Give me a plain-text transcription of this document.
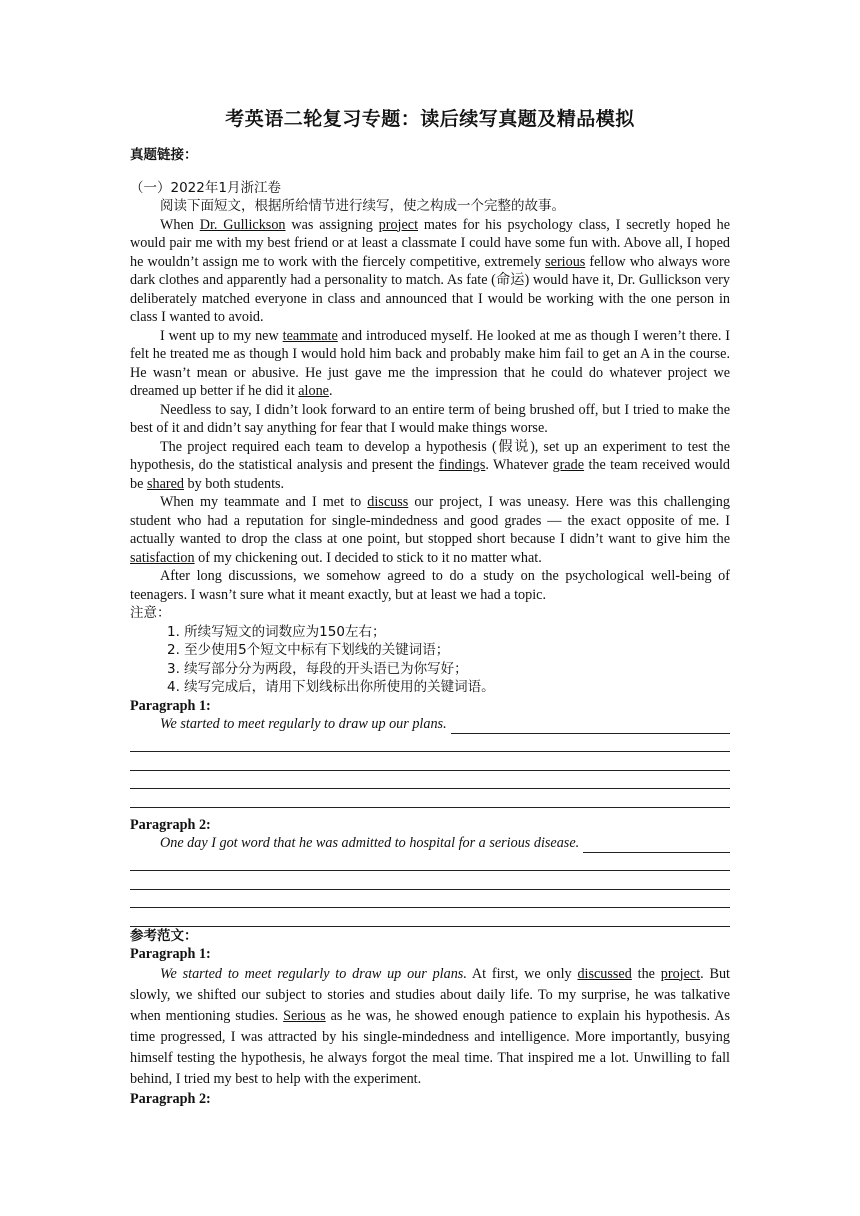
考英语二轮复习专题：读后续写真题及精品模拟

真题链接：

（一）2022年1月浙江卷

阅读下面短文，根据所给情节进行续写，使之构成一个完整的故事。

When Dr. Gullickson was assigning project mates for his psychology class, I secretly hoped he would pair me with my best friend or at least a classmate I could have some fun with. Above all, I hoped he wouldn’t assign me to work with the fiercely competitive, extremely serious fellow who always wore dark clothes and apparently had a personality to match. As fate (命运) would have it, Dr. Gullickson very deliberately matched everyone in class and announced that I would be working with the one person in class I wanted to avoid.

I went up to my new teammate and introduced myself. He looked at me as though I weren’t there. I felt he treated me as though I would hold him back and probably make him fail to get an A in the course. He wasn’t mean or abusive. He just gave me the impression that he could do whatever project we dreamed up better if he did it alone.

Needless to say, I didn’t look forward to an entire term of being brushed off, but I tried to make the best of it and didn’t say anything for fear that I would make things worse.

The project required each team to develop a hypothesis (假说), set up an experiment to test the hypothesis, do the statistical analysis and present the findings. Whatever grade the team received would be shared by both students.

When my teammate and I met to discuss our project, I was uneasy. Here was this challenging student who had a reputation for single-mindedness and good grades — the exact opposite of me. I actually wanted to drop the class at one point, but stopped short because I didn’t want to give him the satisfaction of my chickening out. I decided to stick to it no matter what.

After long discussions, we somehow agreed to do a study on the psychological well-being of teenagers. I wasn’t sure what it meant exactly, but at least we had a topic.

注意：

1. 所续写短文的词数应为150左右；

2. 至少使用5个短文中标有下划线的关键词语；

3. 续写部分分为两段，每段的开头语已为你写好；

4. 续写完成后，请用下划线标出你所使用的关键词语。

Paragraph 1:

We started to meet regularly to draw up our plans.

Paragraph 2:

One day I got word that he was admitted to hospital for a serious disease.

参考范文：

Paragraph 1:

We started to meet regularly to draw up our plans. At first, we only discussed the project. But slowly, we shifted our subject to stories and studies about daily life. To my surprise, he was talkative when mentioning studies. Serious as he was, he showed enough patience to explain his hypothesis. As time progressed, I was attracted by his single-mindedness and intelligence. More importantly, busying himself testing the hypothesis, he always forgot the meal time. That inspired me a lot. Unwilling to fall behind, I tried my best to help with the experiment.

Paragraph 2:
